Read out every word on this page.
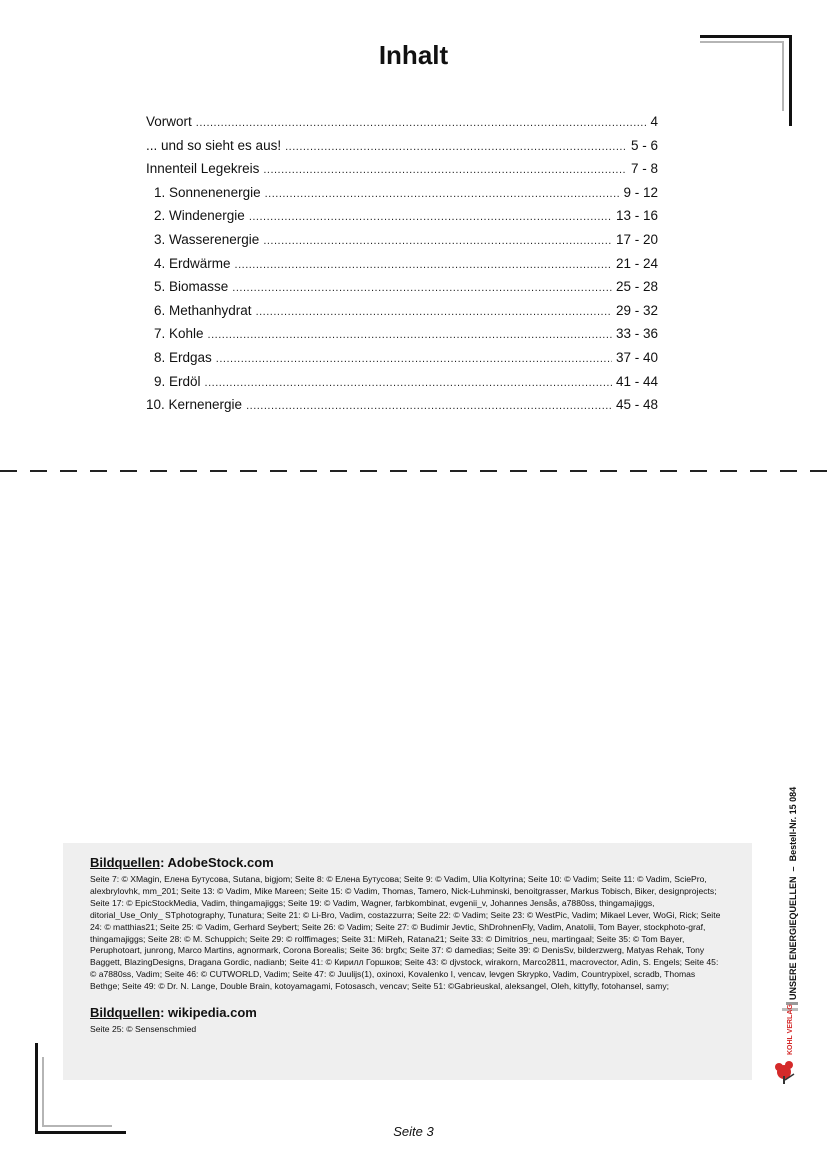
Inhalt
Vorwort .....	4
... und so sieht es aus! .....	5 - 6
Innenteil Legekreis .....	7 - 8
1. Sonnenenergie .....	9 - 12
2. Windenergie .....	13 - 16
3. Wasserenergie .....	17 - 20
4. Erdwärme .....	21 - 24
5. Biomasse .....	25 - 28
6. Methanhydrat .....	29 - 32
7. Kohle .....	33 - 36
8. Erdgas .....	37 - 40
9. Erdöl .....	41 - 44
10. Kernenergie .....	45 - 48

Bildquellen: AdobeStock.com

Seite 7: © XMagin, Елена Бутусова, Sutana, bigjom; Seite 8: © Елена Бутусова; Seite 9: © Vadim, Ulia Koltyrina; Seite 10: © Vadim; Seite 11: © Vadim, SciePro, alexbrylovhk, mm_201; Seite 13: © Vadim, Mike Mareen; Seite 15: © Vadim, Thomas, Tamero, Nick-Luhminski, benoitgrasser, Markus Tobisch, Biker, designprojects; Seite 17: © EpicStockMedia, Vadim, thingamajiggs; Seite 19: © Vadim, Wagner, farbkombinat, evgenii_v, Johannes Jensås, a7880ss, thingamajiggs, ditorial_Use_Only_ STphotography, Tunatura; Seite 21: © Li-Bro, Vadim, costazzurra; Seite 22: © Vadim; Seite 23: © WestPic, Vadim; Mikael Lever, WoGi, Rick; Seite 24: © matthias21; Seite 25: © Vadim, Gerhard Seybert; Seite 26: © Vadim; Seite 27: © Budimir Jevtic, ShDrohnenFly, Vadim, Anatolii, Tom Bayer, stockphoto-graf, thingamajiggs; Seite 28: © M. Schuppich; Seite 29: © rolffimages; Seite 31: MiReh, Ratana21; Seite 33: © Dimitrios_neu, martingaal; Seite 35: © Tom Bayer, Peruphotoart, junrong, Marco Martins, agnormark, Corona Borealis; Seite 36: brgfx; Seite 37: © damedias; Seite 39: © DenisSv, bilderzwerg, Matyas Rehak, Tony Baggett, BlazingDesigns, Dragana Gordic, nadianb; Seite 41: © Кирилл Горшков; Seite 43: © djvstock, wirakorn, Marco2811, macrovector, Adin, S. Engels; Seite 45: © a7880ss, Vadim; Seite 46: © CUTWORLD, Vadim; Seite 47: © Juulijs(1), oxinoxi, Kovalenko I, vencav, levgen Skrypko, Vadim, Countrypixel, scradb, Thomas Bethge; Seite 49: © Dr. N. Lange, Double Brain, kotoyamagami, Fotosasch, vencav; Seite 51: ©Gabrieuskal, aleksangel, Oleh, kittyfly, fotohansel, samy;

Bildquellen: wikipedia.com

Seite 25: © Sensenschmied

UNSERE ENERGIEQUELLEN  –  Bestell-Nr. 15 084
KOHL VERLAG
Seite 3
